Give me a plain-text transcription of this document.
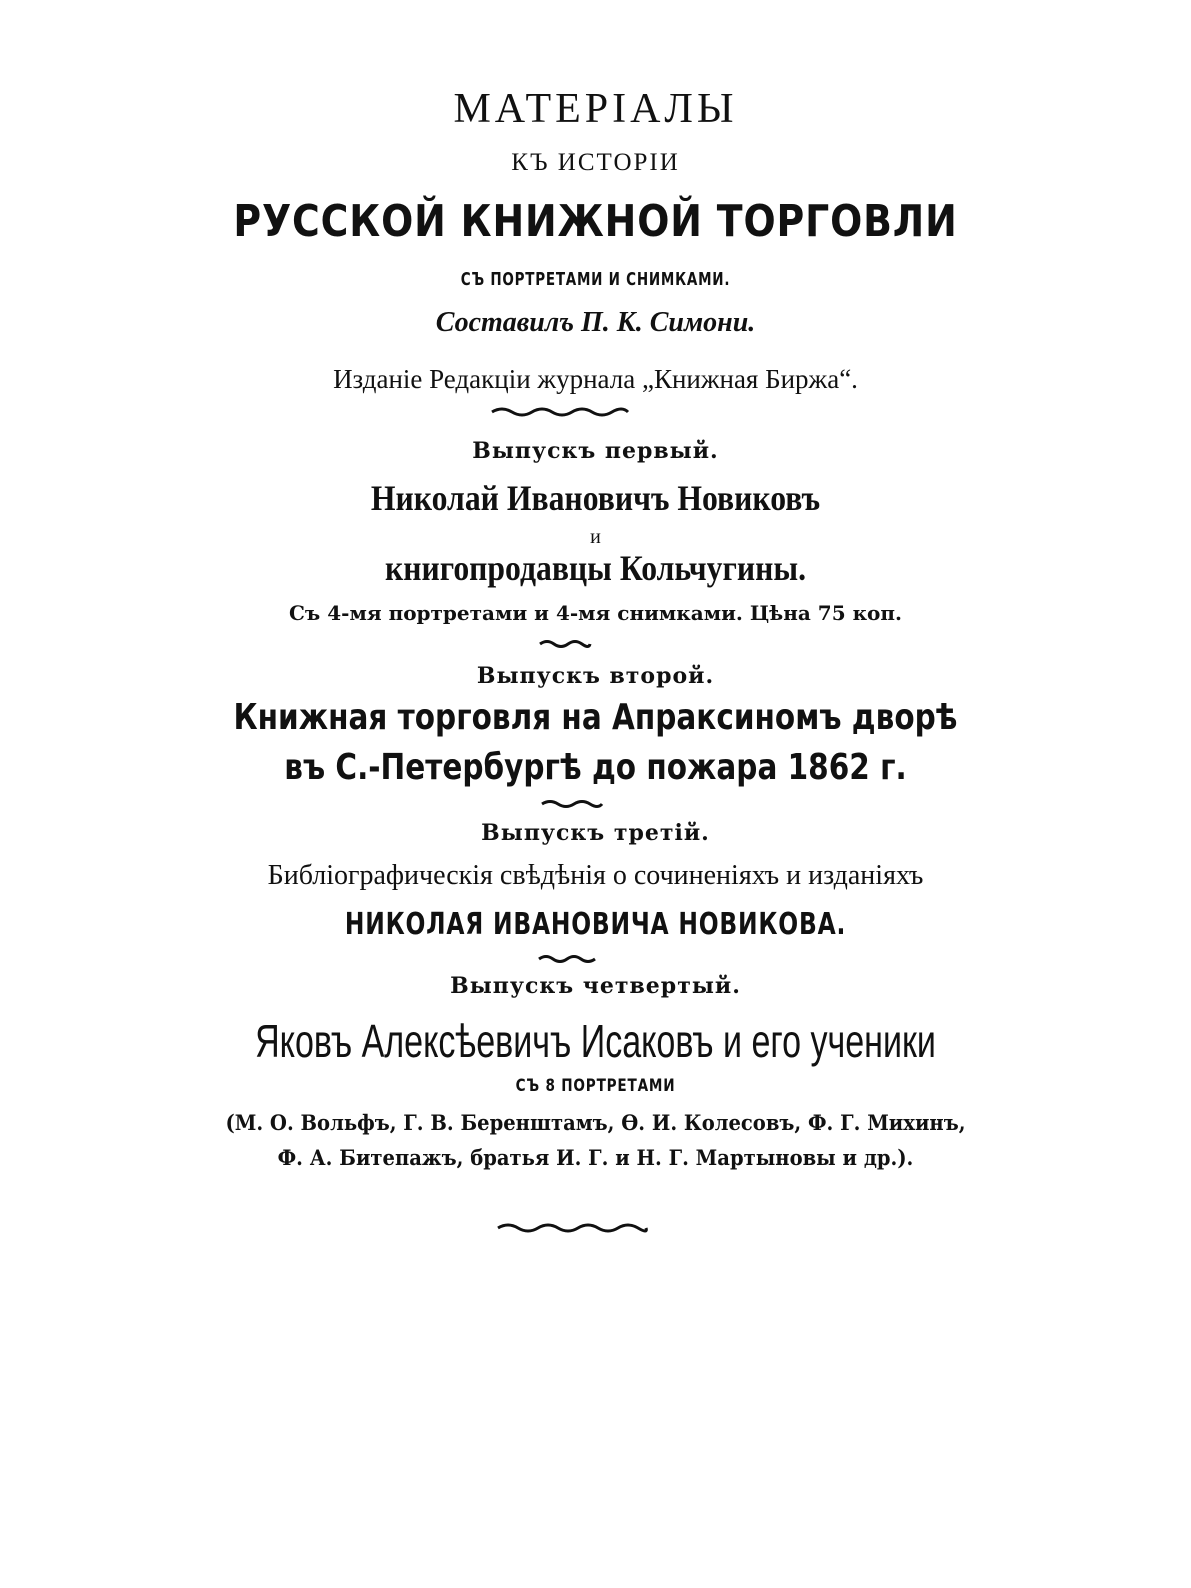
МАТЕРІАЛЫ
КЪ ИСТОРІИ
РУССКОЙ КНИЖНОЙ ТОРГОВЛИ
СЪ ПОРТРЕТАМИ И СНИМКАМИ.
Составилъ П. К. Симони.
Изданіе Редакціи журнала „Книжная Биржа“.
Выпускъ первый.
Николай Ивановичъ Новиковъ
и
книгопродавцы Кольчугины.
Съ 4-мя портретами и 4-мя снимками. Цѣна 75 коп.
Выпускъ второй.
Книжная торговля на Апраксиномъ дворѣ
въ С.-Петербургѣ до пожара 1862 г.
Выпускъ третій.
Библіографическія свѣдѣнія о сочиненіяхъ и изданіяхъ
НИКОЛАЯ ИВАНОВИЧА НОВИКОВА.
Выпускъ четвертый.
Яковъ Алексѣевичъ Исаковъ и его ученики
СЪ 8 ПОРТРЕТАМИ
(М. О. Вольфъ, Г. В. Беренштамъ, Ѳ. И. Колесовъ, Ф. Г. Михинъ,
Ф. А. Битепажъ, братья И. Г. и Н. Г. Мартыновы и др.).
